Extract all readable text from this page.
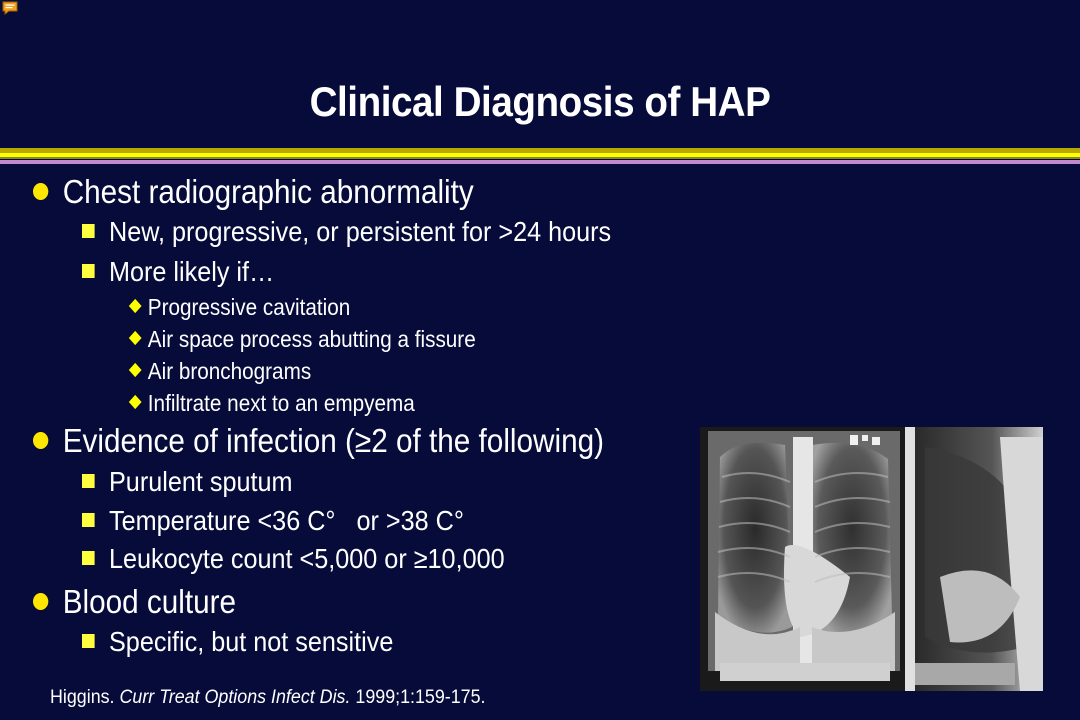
Clinical Diagnosis of HAP
Chest radiographic abnormality
New, progressive, or persistent for >24 hours
More likely if…
Progressive cavitation
Air space process abutting a fissure
Air bronchograms
Infiltrate next to an empyema
Evidence of infection (≥2 of the following)
Purulent sputum
Temperature <36 C°   or >38 C°
Leukocyte count <5,000 or ≥10,000
Blood culture
Specific, but not sensitive
Higgins. Curr Treat Options Infect Dis. 1999;1:159-175.
